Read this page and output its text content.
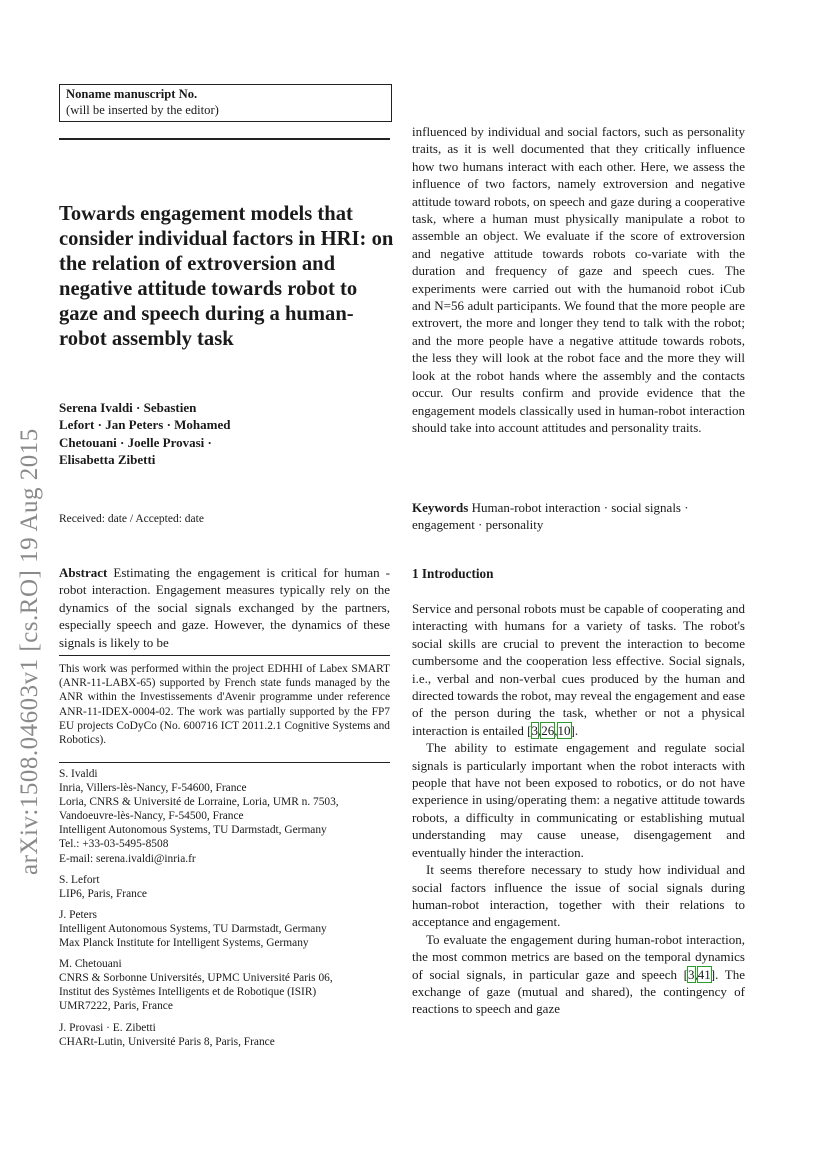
arXiv:1508.04603v1 [cs.RO] 19 Aug 2015
Noname manuscript No.
(will be inserted by the editor)
Towards engagement models that consider individual factors in HRI: on the relation of extroversion and negative attitude towards robot to gaze and speech during a human-robot assembly task
Serena Ivaldi · Sebastien Lefort · Jan Peters · Mohamed Chetouani · Joelle Provasi · Elisabetta Zibetti
Received: date / Accepted: date
Abstract Estimating the engagement is critical for human - robot interaction. Engagement measures typically rely on the dynamics of the social signals exchanged by the partners, especially speech and gaze. However, the dynamics of these signals is likely to be
This work was performed within the project EDHHI of Labex SMART (ANR-11-LABX-65) supported by French state funds managed by the ANR within the Investissements d'Avenir programme under reference ANR-11-IDEX-0004-02. The work was partially supported by the FP7 EU projects CoDyCo (No. 600716 ICT 2011.2.1 Cognitive Systems and Robotics).
S. Ivaldi
Inria, Villers-lès-Nancy, F-54600, France
Loria, CNRS & Université de Lorraine, Loria, UMR n. 7503,
Vandoeuvre-lès-Nancy, F-54500, France
Intelligent Autonomous Systems, TU Darmstadt, Germany
Tel.: +33-03-5495-8508
E-mail: serena.ivaldi@inria.fr
S. Lefort
LIP6, Paris, France
J. Peters
Intelligent Autonomous Systems, TU Darmstadt, Germany
Max Planck Institute for Intelligent Systems, Germany
M. Chetouani
CNRS & Sorbonne Universités, UPMC Université Paris 06,
Institut des Systèmes Intelligents et de Robotique (ISIR)
UMR7222, Paris, France
J. Provasi · E. Zibetti
CHARt-Lutin, Université Paris 8, Paris, France
influenced by individual and social factors, such as personality traits, as it is well documented that they critically influence how two humans interact with each other. Here, we assess the influence of two factors, namely extroversion and negative attitude toward robots, on speech and gaze during a cooperative task, where a human must physically manipulate a robot to assemble an object. We evaluate if the score of extroversion and negative attitude towards robots co-variate with the duration and frequency of gaze and speech cues. The experiments were carried out with the humanoid robot iCub and N=56 adult participants. We found that the more people are extrovert, the more and longer they tend to talk with the robot; and the more people have a negative attitude towards robots, the less they will look at the robot face and the more they will look at the robot hands where the assembly and the contacts occur. Our results confirm and provide evidence that the engagement models classically used in human-robot interaction should take into account attitudes and personality traits.
Keywords Human-robot interaction · social signals · engagement · personality
1 Introduction

Service and personal robots must be capable of cooperating and interacting with humans for a variety of tasks. The robot's social skills are crucial to prevent the interaction to become cumbersome and the cooperation less effective. Social signals, i.e., verbal and non-verbal cues produced by the human and directed towards the robot, may reveal the engagement and ease of the person during the task, whether or not a physical interaction is entailed [3,26,10].

The ability to estimate engagement and regulate social signals is particularly important when the robot interacts with people that have not been exposed to robotics, or do not have experience in using/operating them: a negative attitude towards robots, a difficulty in communicating or establishing mutual understanding may cause unease, disengagement and eventually hinder the interaction.

It seems therefore necessary to study how individual and social factors influence the issue of social signals during human-robot interaction, together with their relations to acceptance and engagement.

To evaluate the engagement during human-robot interaction, the most common metrics are based on the temporal dynamics of social signals, in particular gaze and speech [3,41]. The exchange of gaze (mutual and shared), the contingency of reactions to speech and gaze
